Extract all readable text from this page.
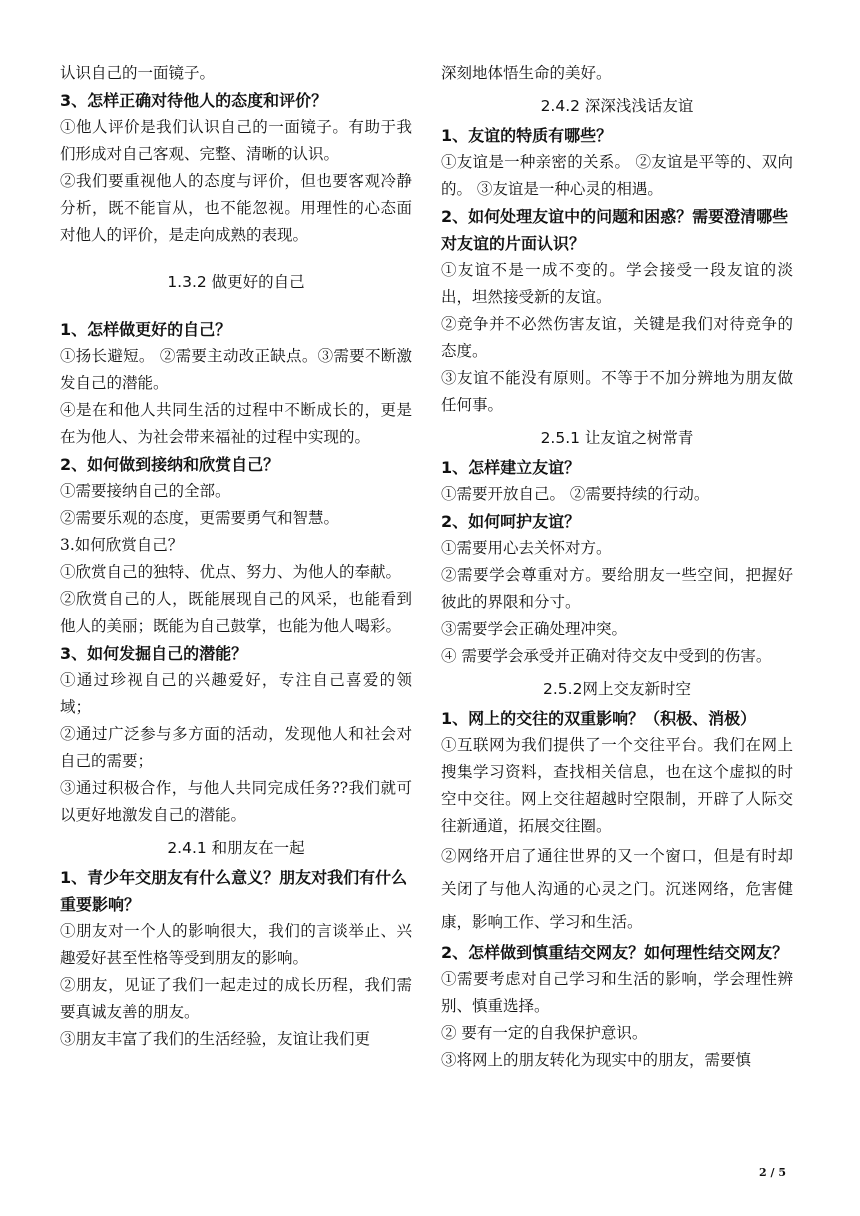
认识自己的一面镜子。

3、怎样正确对待他人的态度和评价？

①他人评价是我们认识自己的一面镜子。有助于我们形成对自己客观、完整、清晰的认识。

②我们要重视他人的态度与评价，但也要客观冷静分析，既不能盲从，也不能忽视。用理性的心态面对他人的评价，是走向成熟的表现。

1.3.2 做更好的自己

1、怎样做更好的自己？

①扬长避短。 ②需要主动改正缺点。③需要不断激发自己的潜能。

④是在和他人共同生活的过程中不断成长的，更是在为他人、为社会带来福祉的过程中实现的。

2、如何做到接纳和欣赏自己？

①需要接纳自己的全部。

②需要乐观的态度，更需要勇气和智慧。

3.如何欣赏自己？

①欣赏自己的独特、优点、努力、为他人的奉献。

②欣赏自己的人，既能展现自己的风采，也能看到他人的美丽；既能为自己鼓掌，也能为他人喝彩。

3、如何发掘自己的潜能？

①通过珍视自己的兴趣爱好，专注自己喜爱的领域；

②通过广泛参与多方面的活动，发现他人和社会对自己的需要；

③通过积极合作，与他人共同完成任务??我们就可以更好地激发自己的潜能。

2.4.1 和朋友在一起

1、青少年交朋友有什么意义？朋友对我们有什么重要影响？

①朋友对一个人的影响很大，我们的言谈举止、兴趣爱好甚至性格等受到朋友的影响。

②朋友，见证了我们一起走过的成长历程，我们需要真诚友善的朋友。

③朋友丰富了我们的生活经验，友谊让我们更

深刻地体悟生命的美好。

2.4.2 深深浅浅话友谊

1、友谊的特质有哪些？

①友谊是一种亲密的关系。 ②友谊是平等的、双向的。 ③友谊是一种心灵的相遇。

2、如何处理友谊中的问题和困惑？需要澄清哪些对友谊的片面认识？

①友谊不是一成不变的。学会接受一段友谊的淡出，坦然接受新的友谊。

②竞争并不必然伤害友谊，关键是我们对待竞争的态度。

③友谊不能没有原则。不等于不加分辨地为朋友做任何事。

2.5.1 让友谊之树常青

1、怎样建立友谊？

①需要开放自己。 ②需要持续的行动。

2、如何呵护友谊？

①需要用心去关怀对方。

②需要学会尊重对方。要给朋友一些空间，把握好彼此的界限和分寸。

③需要学会正确处理冲突。

④ 需要学会承受并正确对待交友中受到的伤害。

2.5.2网上交友新时空

1、网上的交往的双重影响？（积极、消极）

①互联网为我们提供了一个交往平台。我们在网上搜集学习资料，查找相关信息，也在这个虚拟的时空中交往。网上交往超越时空限制，开辟了人际交往新通道，拓展交往圈。

②网络开启了通往世界的又一个窗口，但是有时却关闭了与他人沟通的心灵之门。沉迷网络，危害健康，影响工作、学习和生活。

2、怎样做到慎重结交网友？如何理性结交网友？

①需要考虑对自己学习和生活的影响，学会理性辨别、慎重选择。

② 要有一定的自我保护意识。

③将网上的朋友转化为现实中的朋友，需要慎

2 / 5
